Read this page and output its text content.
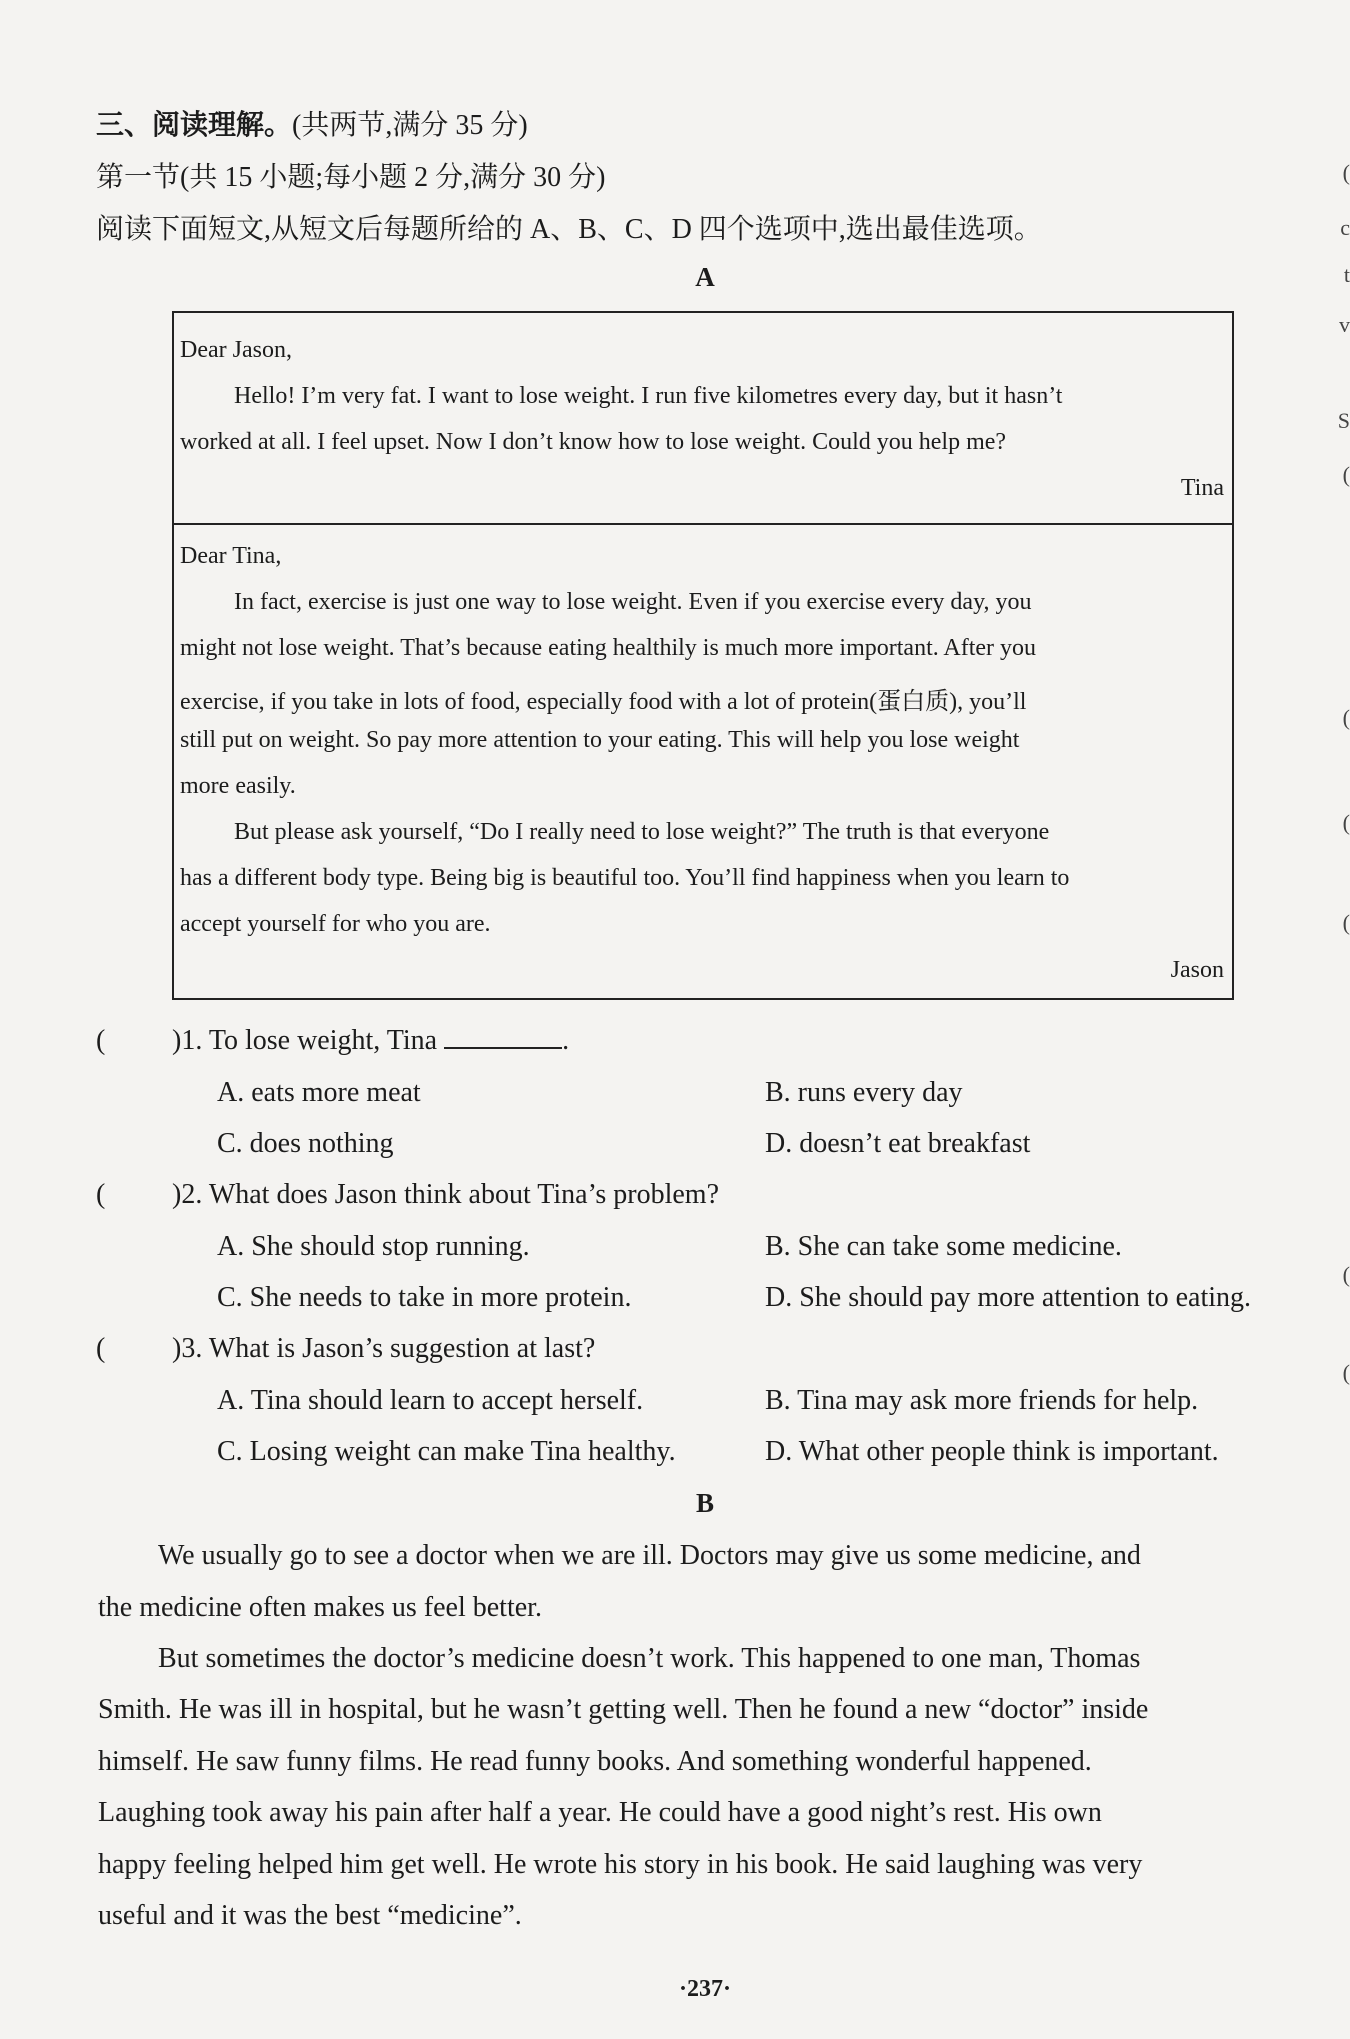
三、阅读理解。(共两节,满分 35 分)
第一节(共 15 小题;每小题 2 分,满分 30 分)
阅读下面短文,从短文后每题所给的 A、B、C、D 四个选项中,选出最佳选项。
A
Dear Jason,
Hello! I’m very fat. I want to lose weight. I run five kilometres every day, but it hasn’t
worked at all. I feel upset. Now I don’t know how to lose weight. Could you help me?
Tina
Dear Tina,
In fact, exercise is just one way to lose weight. Even if you exercise every day, you
might not lose weight. That’s because eating healthily is much more important. After you
exercise, if you take in lots of food, especially food with a lot of protein(蛋白质), you’ll
still put on weight. So pay more attention to your eating. This will help you lose weight
more easily.
But please ask yourself, “Do I really need to lose weight?” The truth is that everyone
has a different body type. Being big is beautiful too. You’ll find happiness when you learn to
accept yourself for who you are.
Jason
( )1. To lose weight, Tina	.
A. eats more meat	B. runs every day
C. does nothing	D. doesn’t eat breakfast
( )2. What does Jason think about Tina’s problem?
A. She should stop running.	B. She can take some medicine.
C. She needs to take in more protein.	D. She should pay more attention to eating.
( )3. What is Jason’s suggestion at last?
A. Tina should learn to accept herself.	B. Tina may ask more friends for help.
C. Losing weight can make Tina healthy.	D. What other people think is important.
B
We usually go to see a doctor when we are ill. Doctors may give us some medicine, and
the medicine often makes us feel better.
But sometimes the doctor’s medicine doesn’t work. This happened to one man, Thomas
Smith. He was ill in hospital, but he wasn’t getting well. Then he found a new “doctor” inside
himself. He saw funny films. He read funny books. And something wonderful happened.
Laughing took away his pain after half a year. He could have a good night’s rest. His own
happy feeling helped him get well. He wrote his story in his book. He said laughing was very
useful and it was the best “medicine”.
·237·
(
c
t
v
S
(
(
(
(
(
(
